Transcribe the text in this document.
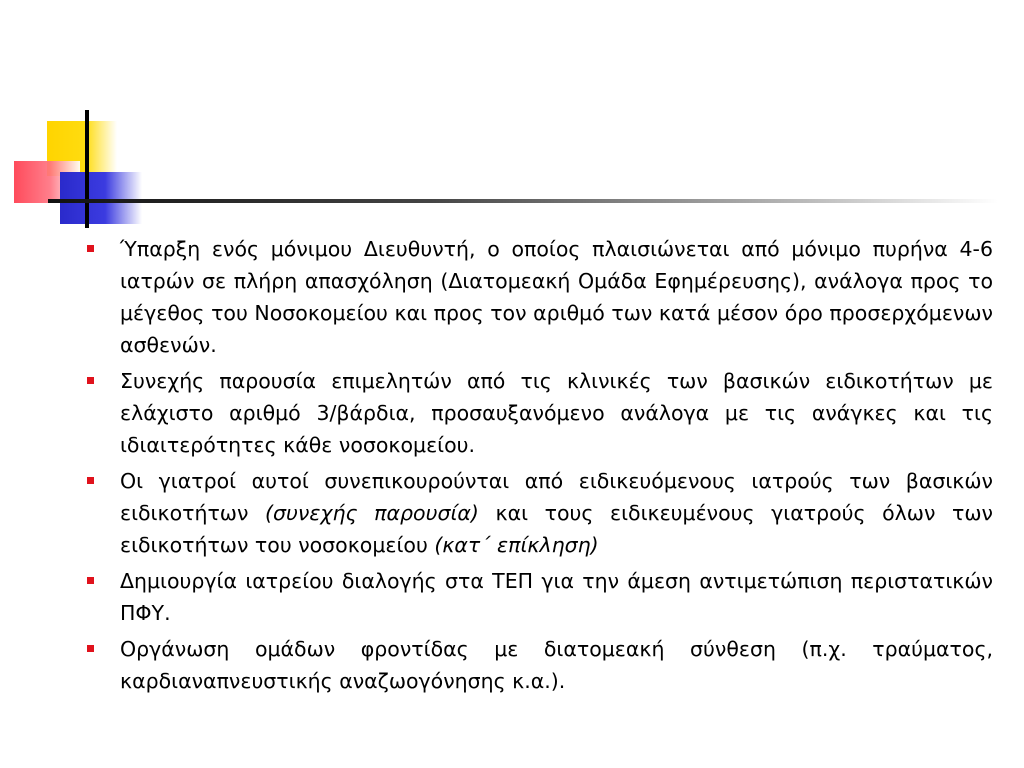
Ύπαρξη ενός μόνιμου Διευθυντή, ο οποίος πλαισιώνεται από μόνιμο πυρήνα 4-6 ιατρών σε πλήρη απασχόληση (Διατομεακή Ομάδα Εφημέρευσης), ανάλογα προς το μέγεθος του Νοσοκομείου και προς τον αριθμό των κατά μέσον όρο προσερχόμενων ασθενών.
Συνεχής παρουσία επιμελητών από τις κλινικές των βασικών ειδικοτήτων με ελάχιστο αριθμό 3/βάρδια, προσαυξανόμενο ανάλογα με τις ανάγκες και τις ιδιαιτερότητες κάθε νοσοκομείου.
Οι γιατροί αυτοί συνεπικουρούνται από ειδικευόμενους ιατρούς των βασικών ειδικοτήτων (συνεχής παρουσία) και τους ειδικευμένους γιατρούς όλων των ειδικοτήτων του νοσοκομείου (κατ΄ επίκληση)
Δημιουργία ιατρείου διαλογής στα ΤΕΠ για την άμεση αντιμετώπιση περιστατικών ΠΦΥ.
Οργάνωση ομάδων φροντίδας με διατομεακή σύνθεση (π.χ. τραύματος, καρδιαναπνευστικής αναζωογόνησης κ.α.).
